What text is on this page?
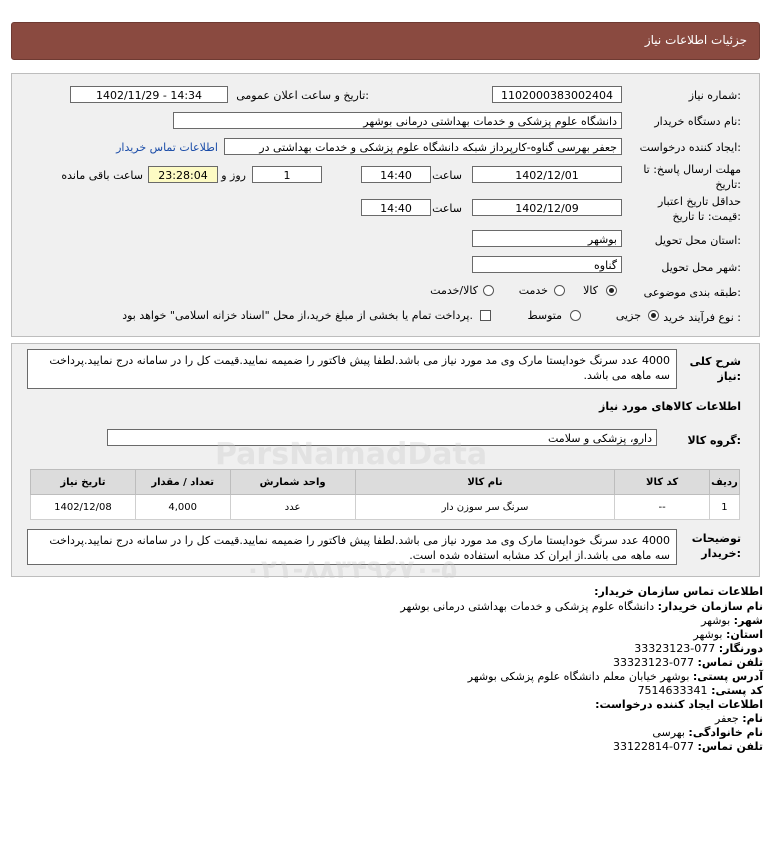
جزئیات اطلاعات نیاز
شماره نیاز:
1102000383002404
تاریخ و ساعت اعلان عمومی:
1402/11/29 - 14:34
نام دستگاه خریدار:
دانشگاه علوم پزشکی و خدمات بهداشتی درمانی بوشهر
ایجاد کننده درخواست:
جعفر بهرسی گناوه-کارپرداز شبکه دانشگاه علوم پزشکی و خدمات بهداشتی در
اطلاعات تماس خریدار
مهلت ارسال پاسخ: تا
تاریخ:
1402/12/01
ساعت
14:40
1
روز و
23:28:04
ساعت باقی مانده
حداقل تاریخ اعتبار
قیمت: تا تاریخ:
1402/12/09
ساعت
14:40
استان محل تحویل:
بوشهر
شهر محل تحویل:
گناوه
طبقه بندی موضوعی:
کالا
خدمت
کالا/خدمت
نوع فرآیند خرید :
جزیی
متوسط
پرداخت تمام یا بخشی از مبلغ خرید،از محل "اسناد خزانه اسلامی" خواهد بود.
شرح کلی
نیاز:
4000 عدد سرنگ خودایستا مارک وی مد مورد نیاز می باشد.لطفا پیش فاکتور را ضمیمه نمایید.قیمت کل را در سامانه درج نمایید.پرداخت سه ماهه می باشد.
اطلاعات کالاهای مورد نیاز
گروه کالا:
دارو، پزشکی و سلامت
ردیف	کد کالا	نام کالا	واحد شمارش	تعداد / مقدار	تاریخ نیاز
1	--	سرنگ سر سوزن دار	عدد	4,000	1402/12/08
توضیحات
خریدار:
4000 عدد سرنگ خودایستا مارک وی مد مورد نیاز می باشد.لطفا پیش فاکتور را ضمیمه نمایید.قیمت کل را در سامانه درج نمایید.پرداخت سه ماهه می باشد.از ایران کد مشابه استفاده شده است.
ParsNamadData
۰۲۱-۸۸۳۴۹۶۷۰-۵
اطلاعات تماس سازمان خریدار:
نام سازمان خریدار: دانشگاه علوم پزشکی و خدمات بهداشتی درمانی بوشهر
شهر: بوشهر
استان: بوشهر
دورنگار: 077-33323123
تلفن تماس: 077-33323123
آدرس پستی: بوشهر خیابان معلم دانشگاه علوم پزشکی بوشهر
کد پستی: 7514633341
اطلاعات ایجاد کننده درخواست:
نام: جعفر
نام خانوادگی: بهرسی
تلفن تماس: 077-33122814
